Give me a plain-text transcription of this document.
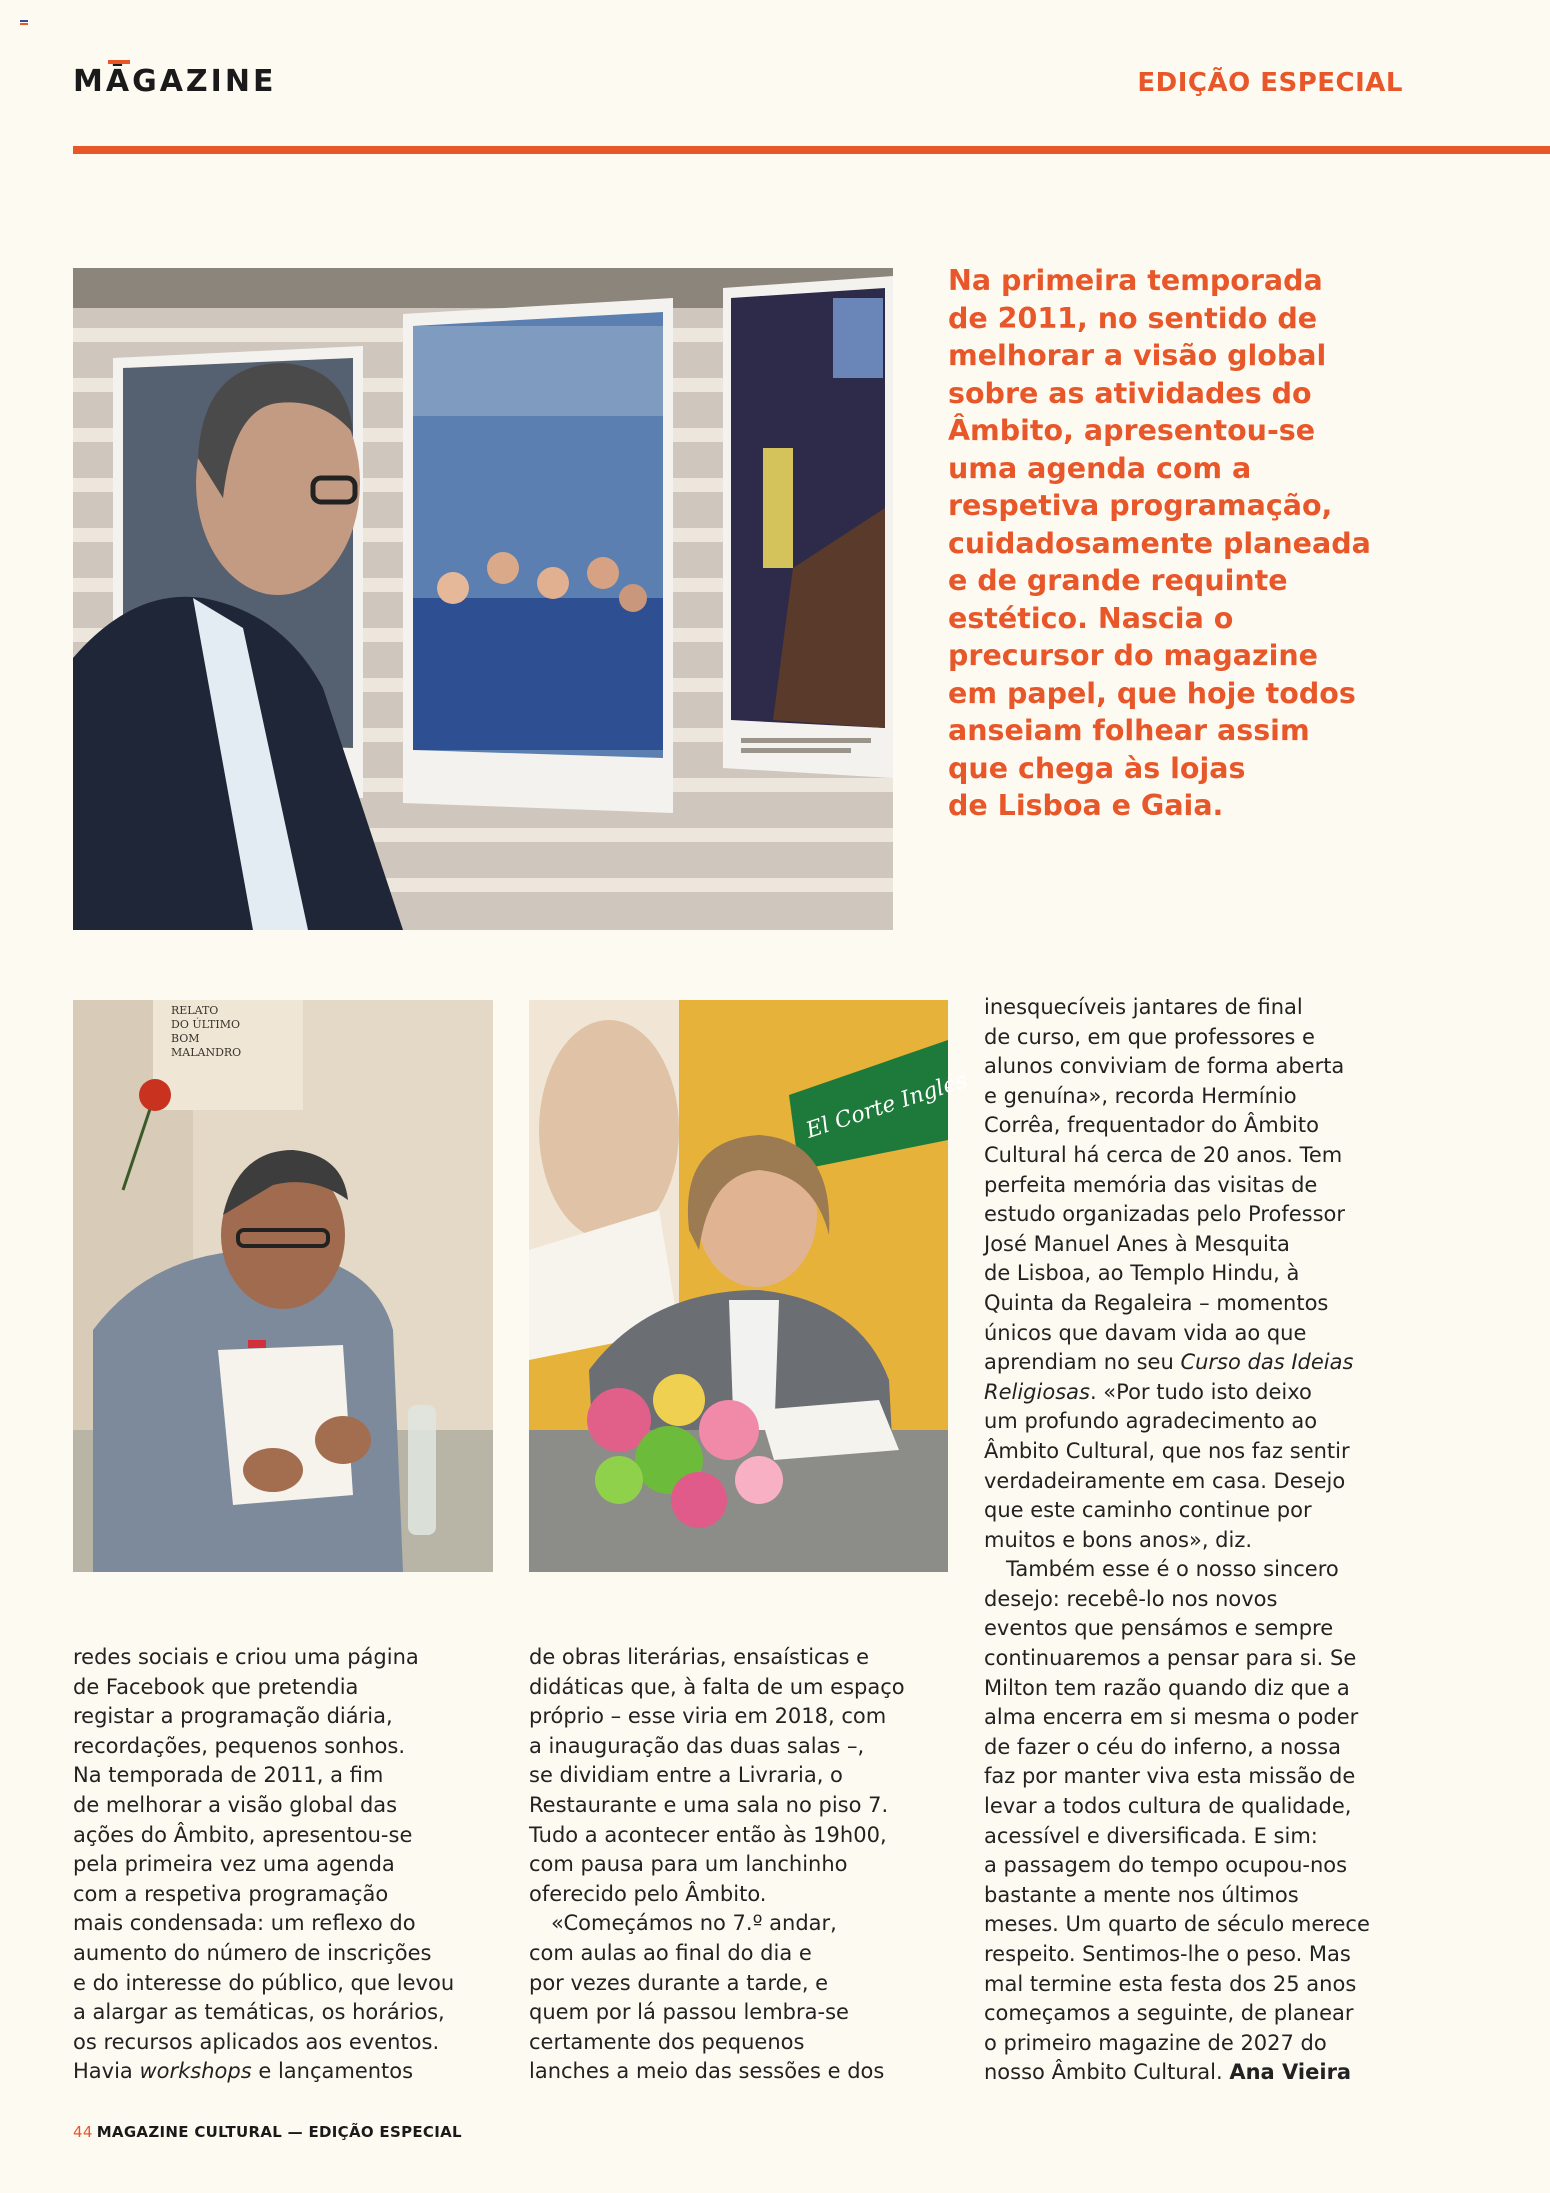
MĀGAZINE	EDIÇÃO ESPECIAL
Na primeira temporada
de 2011, no sentido de
melhorar a visão global
sobre as atividades do
Âmbito, apresentou-se
uma agenda com a
respetiva programação,
cuidadosamente planeada
e de grande requinte
estético. Nascia o
precursor do magazine
em papel, que hoje todos
anseiam folhear assim
que chega às lojas
de Lisboa e Gaia.
RELATO
DO ÚLTIMO
BOM
MALANDRO
El Corte Inglés
redes sociais e criou uma página
de Facebook que pretendia
registar a programação diária,
recordações, pequenos sonhos.
Na temporada de 2011, a fim
de melhorar a visão global das
ações do Âmbito, apresentou-se
pela primeira vez uma agenda
com a respetiva programação
mais condensada: um reflexo do
aumento do número de inscrições
e do interesse do público, que levou
a alargar as temáticas, os horários,
os recursos aplicados aos eventos.
Havia workshops e lançamentos
de obras literárias, ensaísticas e
didáticas que, à falta de um espaço
próprio – esse viria em 2018, com
a inauguração das duas salas –,
se dividiam entre a Livraria, o
Restaurante e uma sala no piso 7.
Tudo a acontecer então às 19h00,
com pausa para um lanchinho
oferecido pelo Âmbito.
«Começámos no 7.º andar,
com aulas ao final do dia e
por vezes durante a tarde, e
quem por lá passou lembra-se
certamente dos pequenos
lanches a meio das sessões e dos
inesquecíveis jantares de final
de curso, em que professores e
alunos conviviam de forma aberta
e genuína», recorda Hermínio
Corrêa, frequentador do Âmbito
Cultural há cerca de 20 anos. Tem
perfeita memória das visitas de
estudo organizadas pelo Professor
José Manuel Anes à Mesquita
de Lisboa, ao Templo Hindu, à
Quinta da Regaleira – momentos
únicos que davam vida ao que
aprendiam no seu Curso das Ideias
Religiosas. «Por tudo isto deixo
um profundo agradecimento ao
Âmbito Cultural, que nos faz sentir
verdadeiramente em casa. Desejo
que este caminho continue por
muitos e bons anos», diz.
Também esse é o nosso sincero
desejo: recebê-lo nos novos
eventos que pensámos e sempre
continuaremos a pensar para si. Se
Milton tem razão quando diz que a
alma encerra em si mesma o poder
de fazer o céu do inferno, a nossa
faz por manter viva esta missão de
levar a todos cultura de qualidade,
acessível e diversificada. E sim:
a passagem do tempo ocupou-nos
bastante a mente nos últimos
meses. Um quarto de século merece
respeito. Sentimos-lhe o peso. Mas
mal termine esta festa dos 25 anos
começamos a seguinte, de planear
o primeiro magazine de 2027 do
nosso Âmbito Cultural. Ana Vieira
44 MAGAZINE CULTURAL — EDIÇÃO ESPECIAL
